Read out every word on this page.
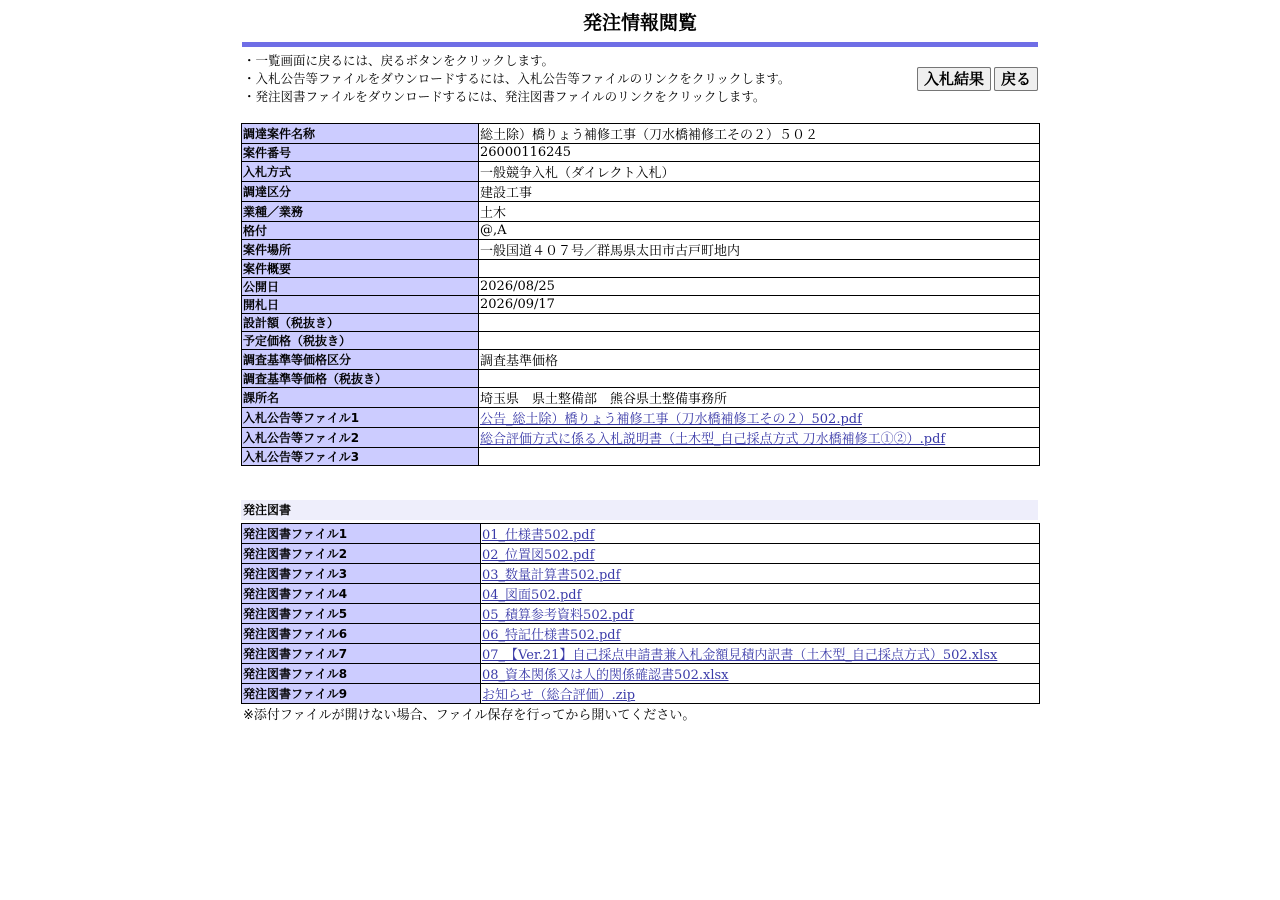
発注情報閲覧
・一覧画面に戻るには、戻るボタンをクリックします。
・入札公告等ファイルをダウンロードするには、入札公告等ファイルのリンクをクリックします。
・発注図書ファイルをダウンロードするには、発注図書ファイルのリンクをクリックします。
入札結果	戻る
調達案件名称	総土除）橋りょう補修工事（刀水橋補修工その２）５０２
案件番号	26000116245
入札方式	一般競争入札（ダイレクト入札）
調達区分	建設工事
業種／業務	土木
格付	@,A
案件場所	一般国道４０７号／群馬県太田市古戸町地内
案件概要	
公開日	2026/08/25
開札日	2026/09/17
設計額（税抜き）	
予定価格（税抜き）	
調査基準等価格区分	調査基準価格
調査基準等価格（税抜き）	
課所名	埼玉県　県土整備部　熊谷県土整備事務所
入札公告等ファイル1	公告_総土除）橋りょう補修工事（刀水橋補修工その２）502.pdf
入札公告等ファイル2	総合評価方式に係る入札説明書（土木型_自己採点方式 刀水橋補修工①②）.pdf
入札公告等ファイル3	
発注図書
発注図書ファイル1	01_仕様書502.pdf
発注図書ファイル2	02_位置図502.pdf
発注図書ファイル3	03_数量計算書502.pdf
発注図書ファイル4	04_図面502.pdf
発注図書ファイル5	05_積算参考資料502.pdf
発注図書ファイル6	06_特記仕様書502.pdf
発注図書ファイル7	07_【Ver.21】自己採点申請書兼入札金額見積内訳書（土木型_自己採点方式）502.xlsx
発注図書ファイル8	08_資本関係又は人的関係確認書502.xlsx
発注図書ファイル9	お知らせ（総合評価）.zip
※添付ファイルが開けない場合、ファイル保存を行ってから開いてください。
